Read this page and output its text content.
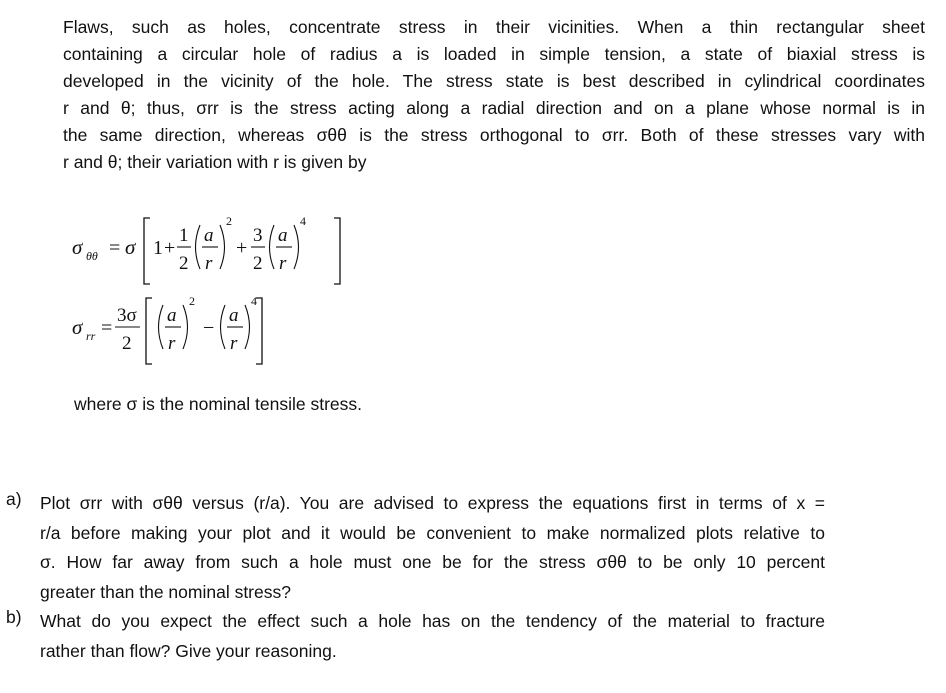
Flaws, such as holes, concentrate stress in their vicinities. When a thin rectangular sheet
containing a circular hole of radius a is loaded in simple tension, a state of biaxial stress is
developed in the vicinity of the hole. The stress state is best described in cylindrical coordinates
r and θ; thus, σrr is the stress acting along a radial direction and on a plane whose normal is in
the same direction, whereas σθθ is the stress orthogonal to σrr. Both of these stresses vary with
r and θ; their variation with r is given by
σ θθ = σ 1 +
1
2
a
r
2
+
3
2
a
r
4
σ rr =
3σ
2
a
r
2
−
a
r
4
where σ is the nominal tensile stress.
a) Plot σrr with σθθ versus (r/a). You are advised to express the equations first in terms of x =
r/a before making your plot and it would be convenient to make normalized plots relative to
σ. How far away from such a hole must one be for the stress σθθ to be only 10 percent
greater than the nominal stress?
b) What do you expect the effect such a hole has on the tendency of the material to fracture
rather than flow? Give your reasoning.
